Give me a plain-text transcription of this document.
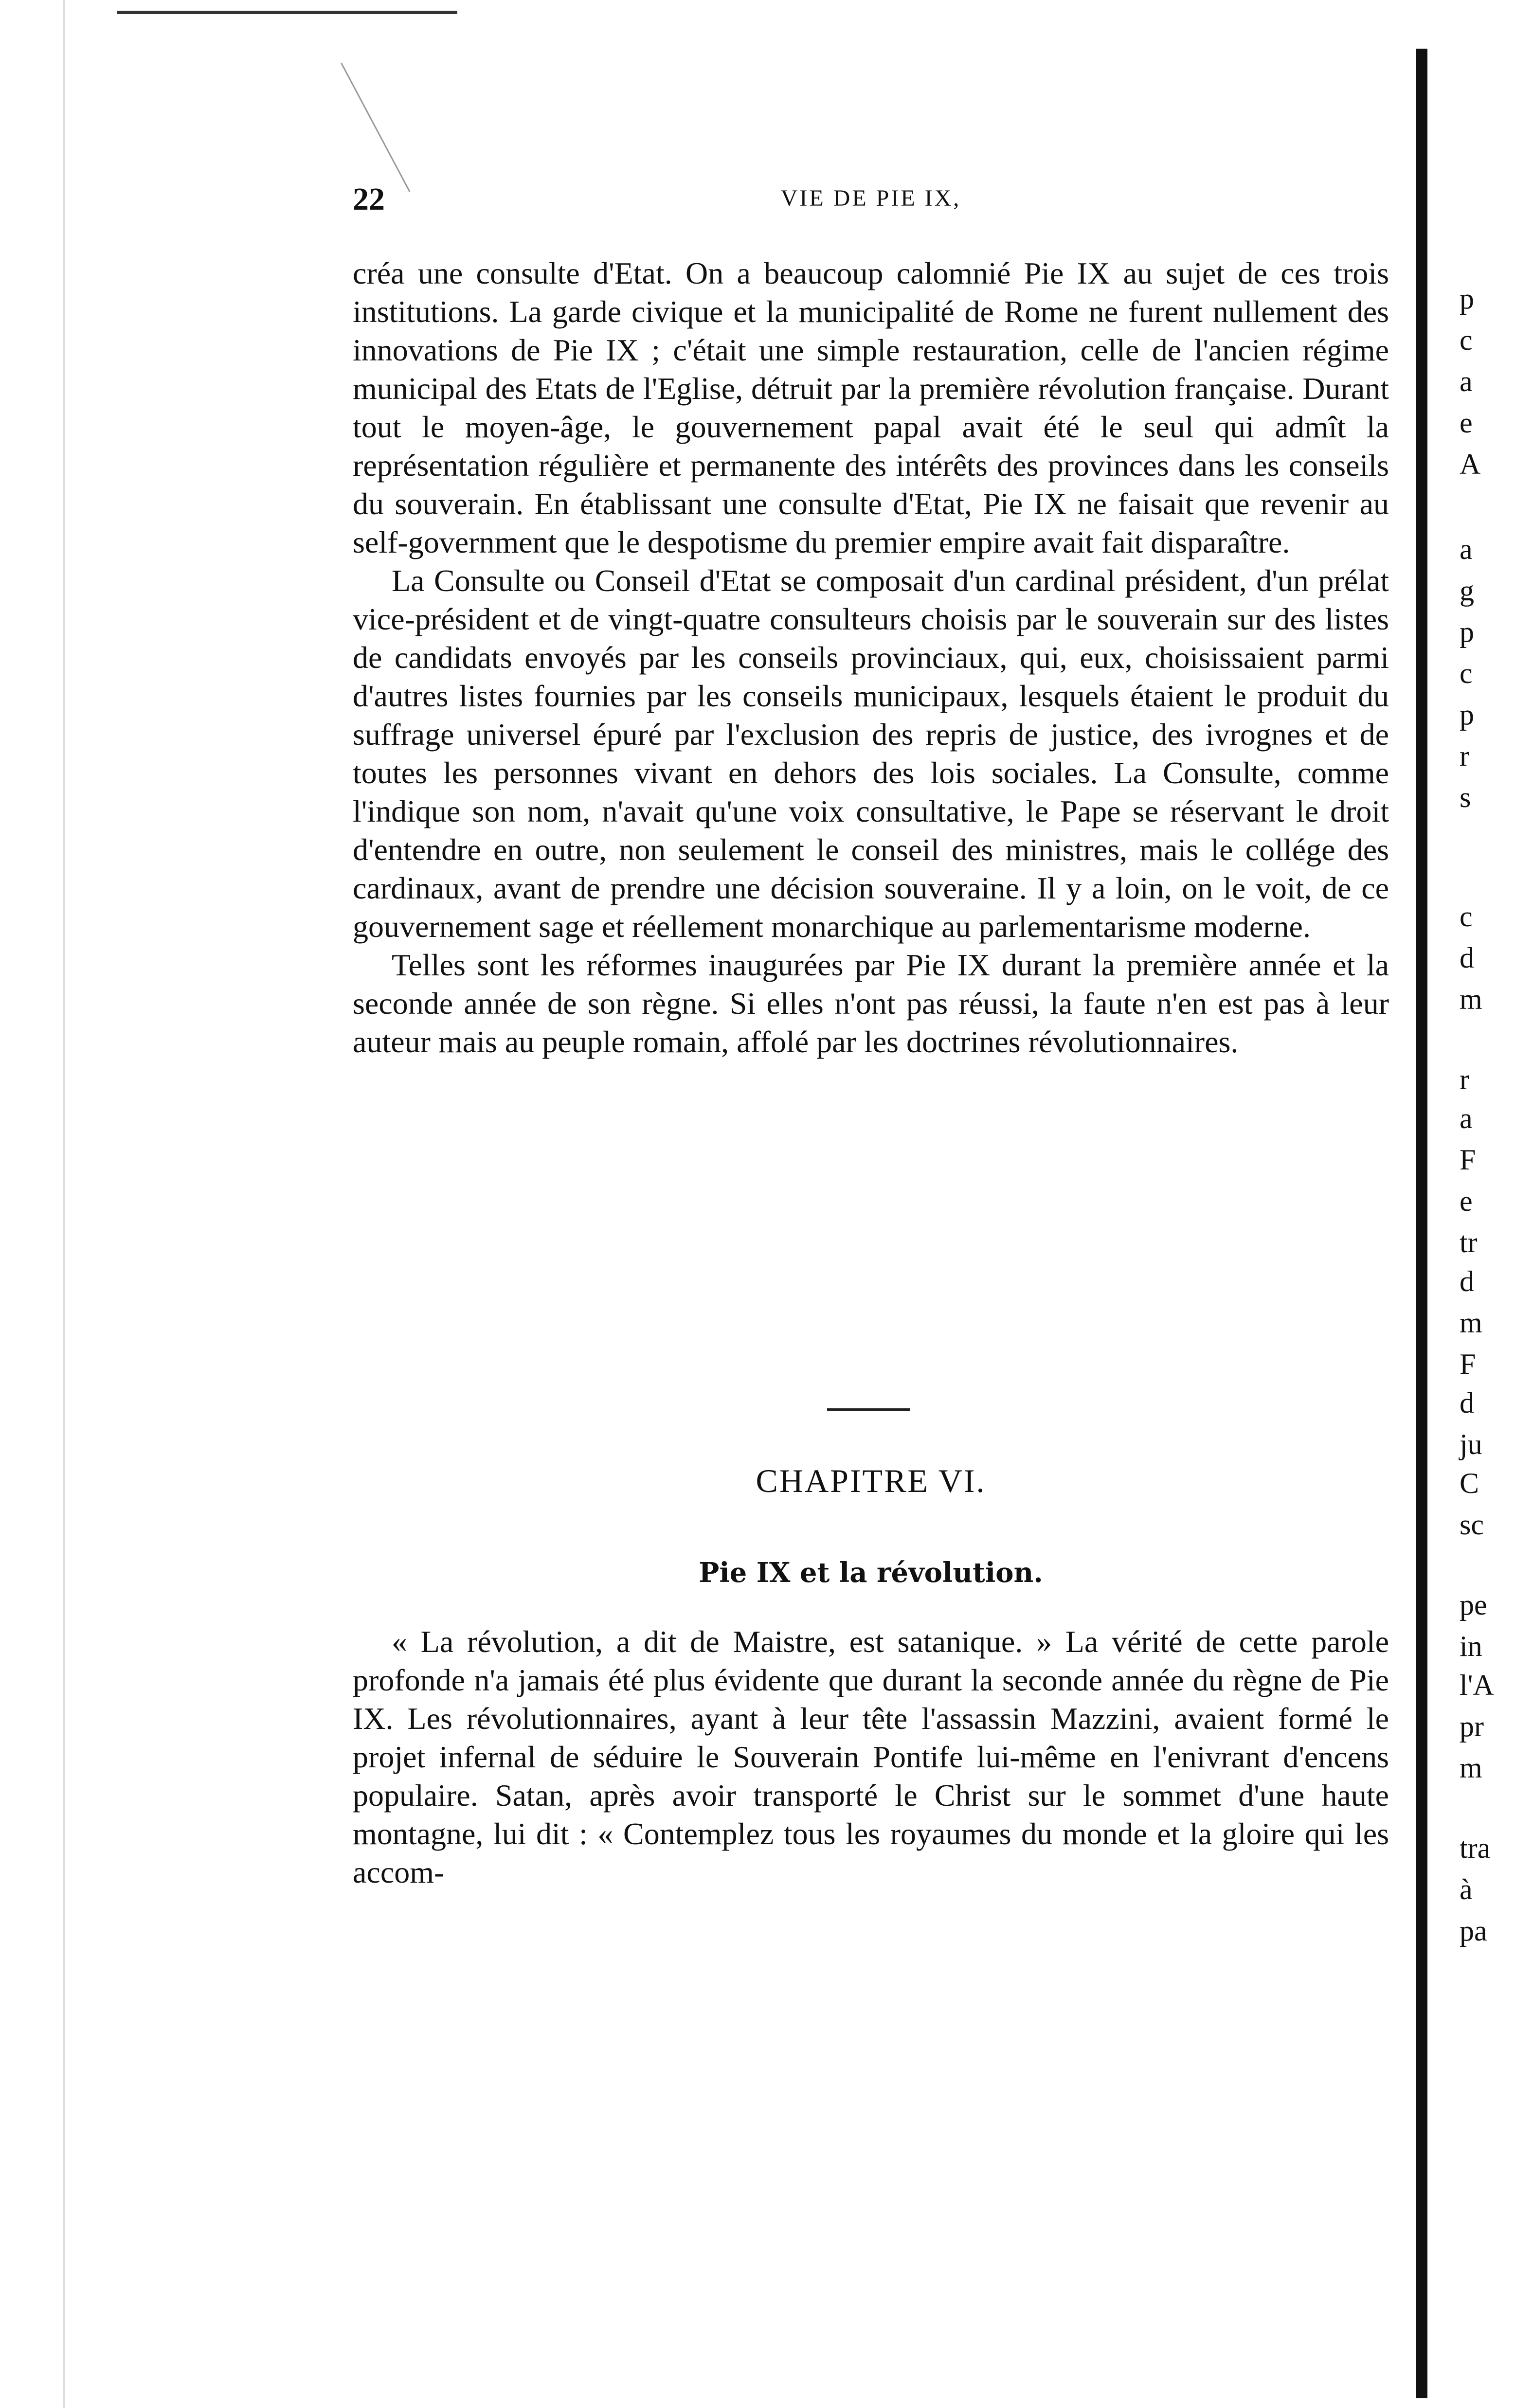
22	VIE DE PIE IX,

créa une consulte d'Etat. On a beaucoup calomnié Pie IX au sujet de ces trois institutions. La garde civique et la municipalité de Rome ne furent nullement des innovations de Pie IX ; c'était une simple restauration, celle de l'ancien régime municipal des Etats de l'Eglise, détruit par la première révolution française. Durant tout le moyen-âge, le gouvernement papal avait été le seul qui admît la représentation régulière et permanente des intérêts des provinces dans les conseils du souverain. En établissant une consulte d'Etat, Pie IX ne faisait que revenir au self-government que le despotisme du premier empire avait fait disparaître.

La Consulte ou Conseil d'Etat se composait d'un cardinal président, d'un prélat vice-président et de vingt-quatre consulteurs choisis par le souverain sur des listes de candidats envoyés par les conseils provinciaux, qui, eux, choisissaient parmi d'autres listes fournies par les conseils municipaux, lesquels étaient le produit du suffrage universel épuré par l'exclusion des repris de justice, des ivrognes et de toutes les personnes vivant en dehors des lois sociales. La Consulte, comme l'indique son nom, n'avait qu'une voix consultative, le Pape se réservant le droit d'entendre en outre, non seulement le conseil des ministres, mais le collége des cardinaux, avant de prendre une décision souveraine. Il y a loin, on le voit, de ce gouvernement sage et réellement monarchique au parlementarisme moderne.

Telles sont les réformes inaugurées par Pie IX durant la première année et la seconde année de son règne. Si elles n'ont pas réussi, la faute n'en est pas à leur auteur mais au peuple romain, affolé par les doctrines révolutionnaires.

CHAPITRE VI.
Pie IX et la révolution.

« La révolution, a dit de Maistre, est satanique. » La vérité de cette parole profonde n'a jamais été plus évidente que durant la seconde année du règne de Pie IX. Les révolutionnaires, ayant à leur tête l'assassin Mazzini, avaient formé le projet infernal de séduire le Souverain Pontife lui-même en l'enivrant d'encens populaire. Satan, après avoir transporté le Christ sur le sommet d'une haute montagne, lui dit : « Contemplez tous les royaumes du monde et la gloire qui les accom-

p
c
a
e
A
a
g
p
c
p
r
s
c
d
m
r
a
F
e
tr
d
m
F
d
ju
C
sc
pe
in
l'A
pr
m
tra
à
pa
